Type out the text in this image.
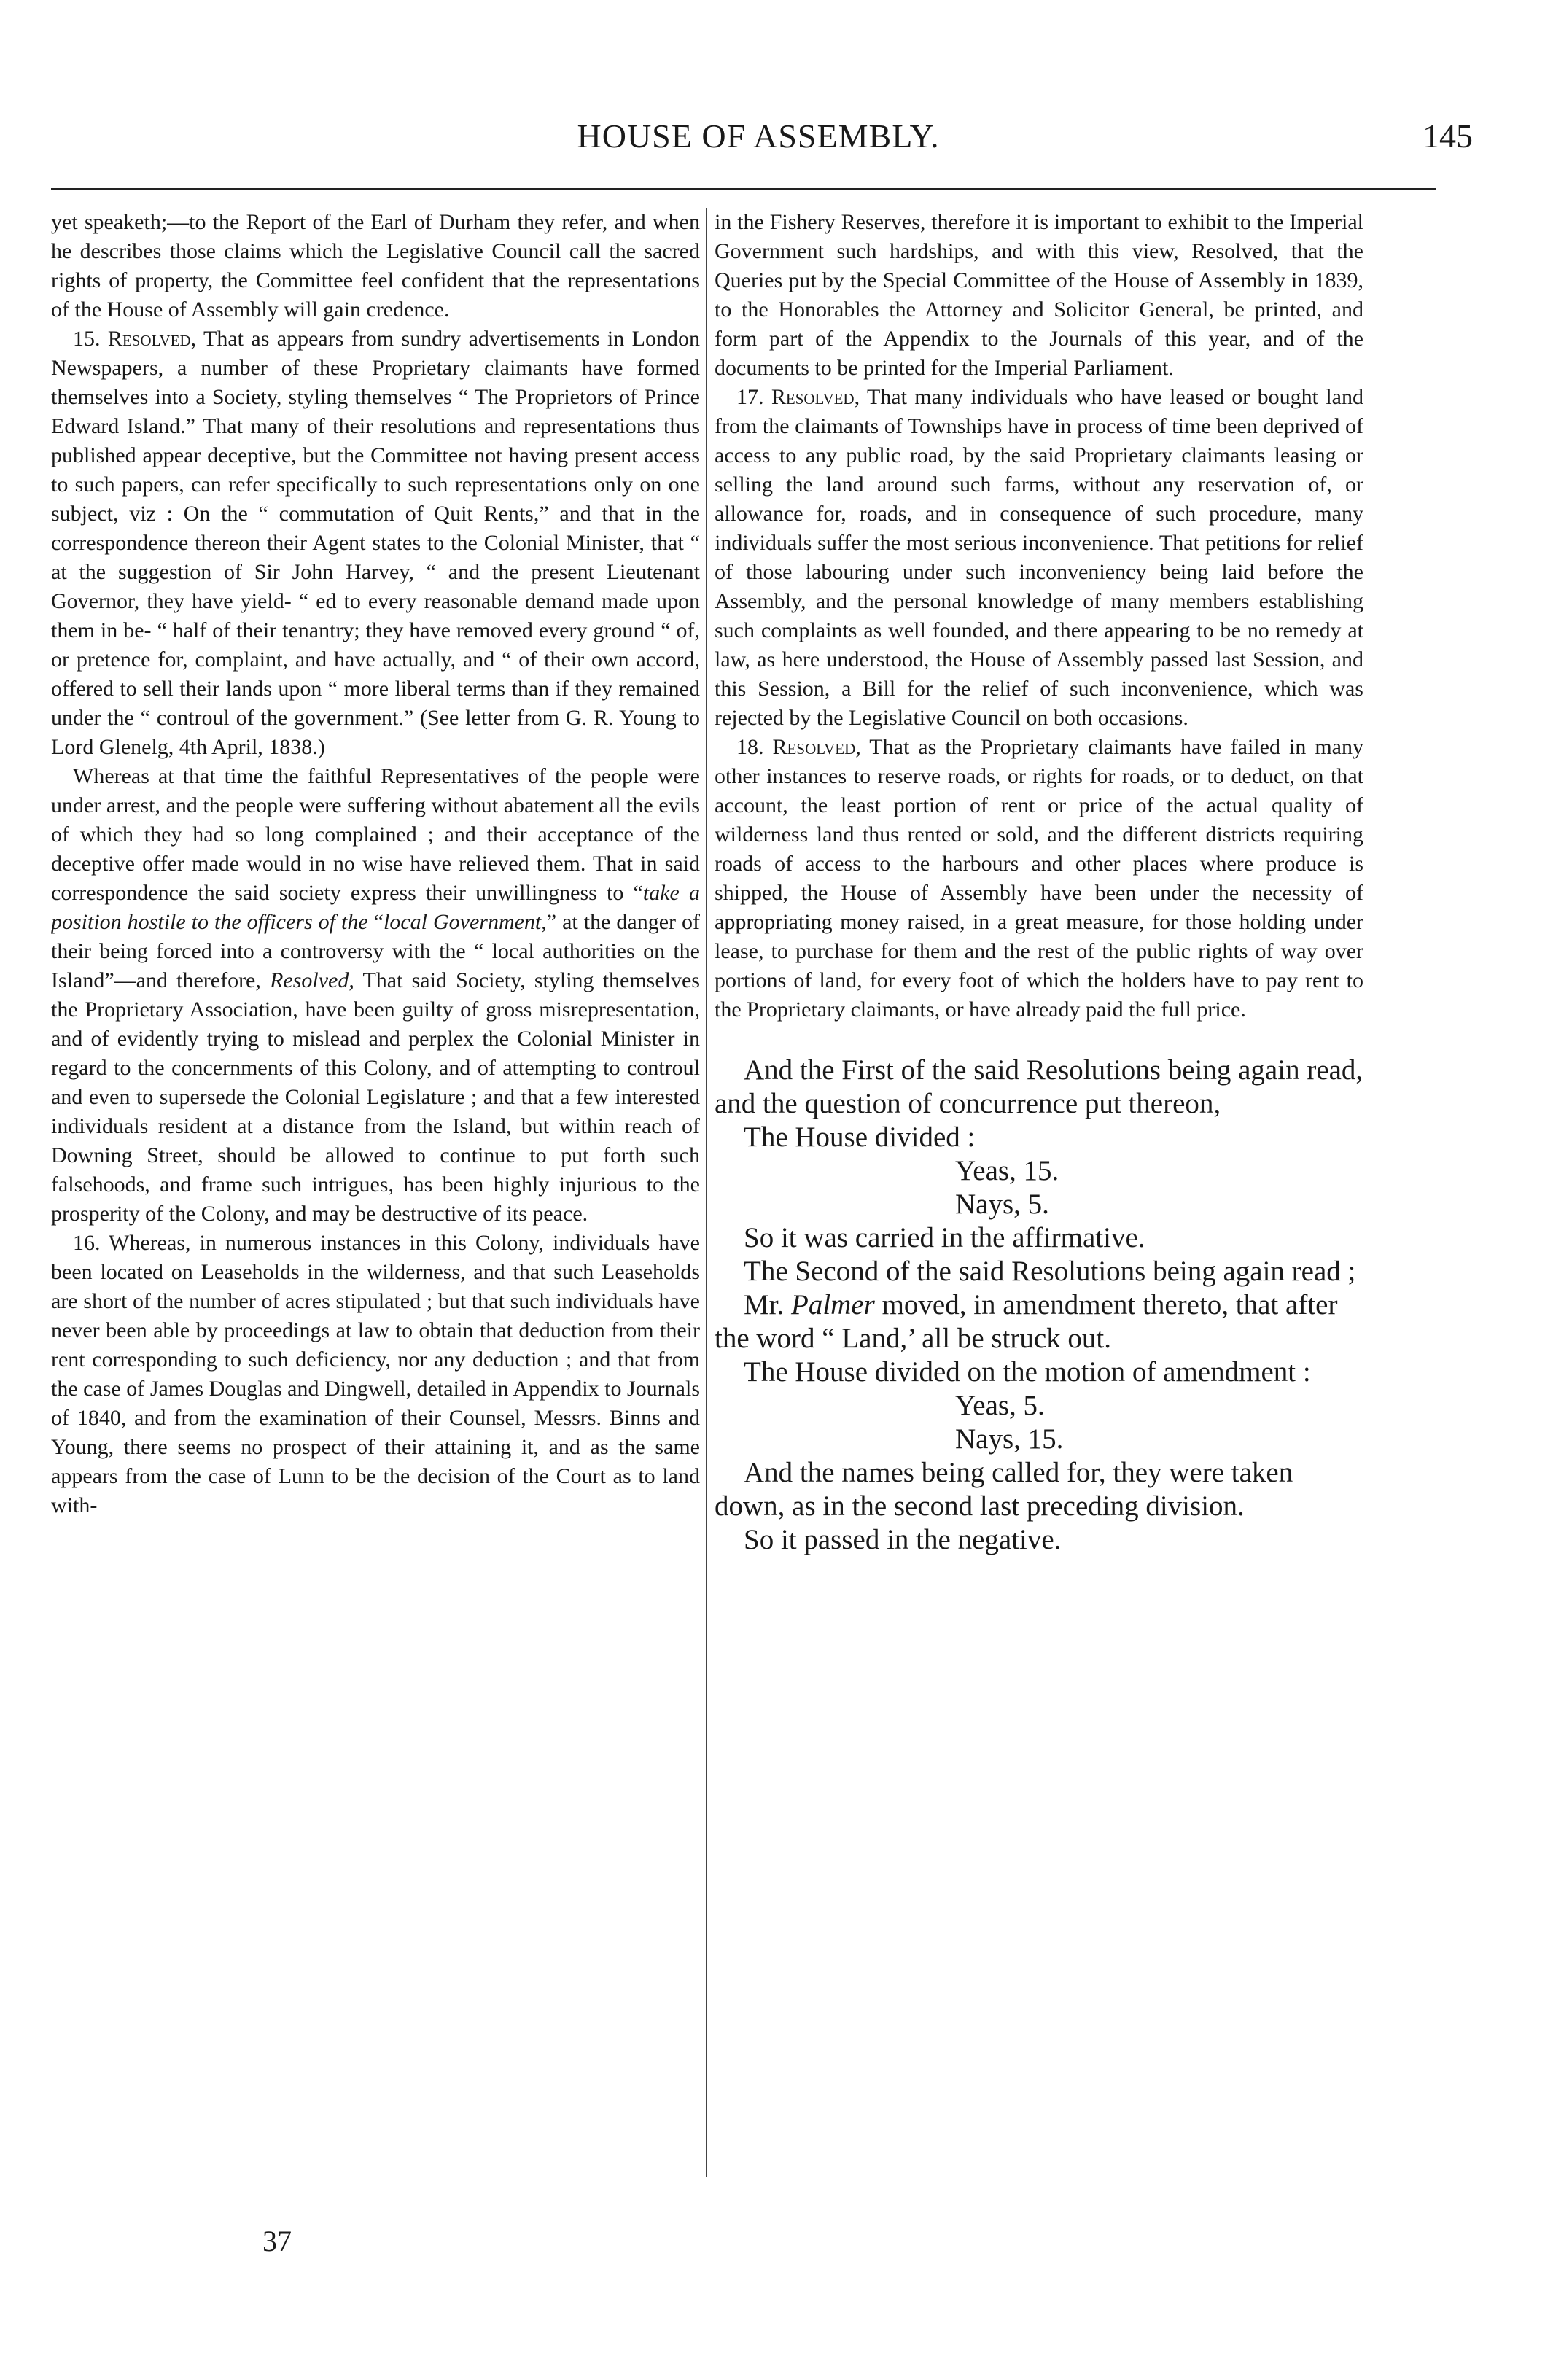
HOUSE OF ASSEMBLY.	145

yet speaketh;—to the Report of the Earl of Durham they refer, and when he describes those claims which the Legislative Council call the sacred rights of property, the Committee feel confident that the representations of the House of Assembly will gain credence.

15. Resolved, That as appears from sundry advertisements in London Newspapers, a number of these Proprietary claimants have formed themselves into a Society, styling themselves “ The Proprietors of Prince Edward Island.” That many of their resolutions and representations thus published appear deceptive, but the Committee not having present access to such papers, can refer specifically to such representations only on one subject, viz : On the “ commutation of Quit Rents,” and that in the correspondence thereon their Agent states to the Colonial Minister, that “ at the suggestion of Sir John Harvey, “ and the present Lieutenant Governor, they have yield- “ ed to every reasonable demand made upon them in be- “ half of their tenantry; they have removed every ground “ of, or pretence for, complaint, and have actually, and “ of their own accord, offered to sell their lands upon “ more liberal terms than if they remained under the “ controul of the government.” (See letter from G. R. Young to Lord Glenelg, 4th April, 1838.)

Whereas at that time the faithful Representatives of the people were under arrest, and the people were suffering without abatement all the evils of which they had so long complained ; and their acceptance of the deceptive offer made would in no wise have relieved them. That in said correspondence the said society express their unwillingness to “take a position hostile to the officers of the “local Government,” at the danger of their being forced into a controversy with the “ local authorities on the Island”—and therefore, Resolved, That said Society, styling themselves the Proprietary Association, have been guilty of gross misrepresentation, and of evidently trying to mislead and perplex the Colonial Minister in regard to the concernments of this Colony, and of attempting to controul and even to supersede the Colonial Legislature ; and that a few interested individuals resident at a distance from the Island, but within reach of Downing Street, should be allowed to continue to put forth such falsehoods, and frame such intrigues, has been highly injurious to the prosperity of the Colony, and may be destructive of its peace.

16. Whereas, in numerous instances in this Colony, individuals have been located on Leaseholds in the wilderness, and that such Leaseholds are short of the number of acres stipulated ; but that such individuals have never been able by proceedings at law to obtain that deduction from their rent corresponding to such deficiency, nor any deduction ; and that from the case of James Douglas and Dingwell, detailed in Appendix to Journals of 1840, and from the examination of their Counsel, Messrs. Binns and Young, there seems no prospect of their attaining it, and as the same appears from the case of Lunn to be the decision of the Court as to land with-

in the Fishery Reserves, therefore it is important to exhibit to the Imperial Government such hardships, and with this view, Resolved, that the Queries put by the Special Committee of the House of Assembly in 1839, to the Honorables the Attorney and Solicitor General, be printed, and form part of the Appendix to the Journals of this year, and of the documents to be printed for the Imperial Parliament.

17. Resolved, That many individuals who have leased or bought land from the claimants of Townships have in process of time been deprived of access to any public road, by the said Proprietary claimants leasing or selling the land around such farms, without any reservation of, or allowance for, roads, and in consequence of such procedure, many individuals suffer the most serious inconvenience. That petitions for relief of those labouring under such inconveniency being laid before the Assembly, and the personal knowledge of many members establishing such complaints as well founded, and there appearing to be no remedy at law, as here understood, the House of Assembly passed last Session, and this Session, a Bill for the relief of such inconvenience, which was rejected by the Legislative Council on both occasions.

18. Resolved, That as the Proprietary claimants have failed in many other instances to reserve roads, or rights for roads, or to deduct, on that account, the least portion of rent or price of the actual quality of wilderness land thus rented or sold, and the different districts requiring roads of access to the harbours and other places where produce is shipped, the House of Assembly have been under the necessity of appropriating money raised, in a great measure, for those holding under lease, to purchase for them and the rest of the public rights of way over portions of land, for every foot of which the holders have to pay rent to the Proprietary claimants, or have already paid the full price.

And the First of the said Resolutions being again read, and the question of concurrence put thereon,

The House divided :

Yeas, 15.

Nays, 5.

So it was carried in the affirmative.

The Second of the said Resolutions being again read ;

Mr. Palmer moved, in amendment thereto, that after the word “ Land,’ all be struck out.

The House divided on the motion of amendment :

Yeas, 5.

Nays, 15.

And the names being called for, they were taken down, as in the second last preceding division.

So it passed in the negative.

37
